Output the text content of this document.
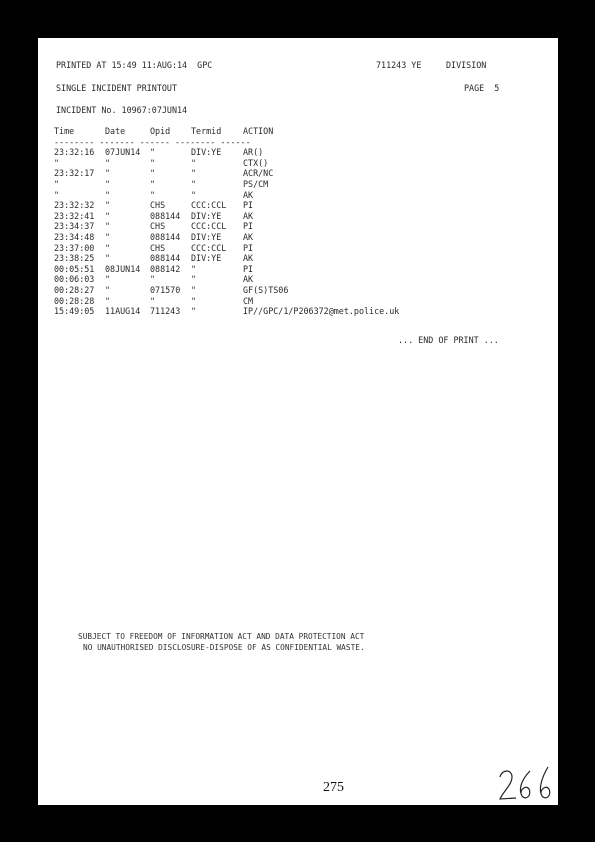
PRINTED AT 15:49 11:AUG:14  GPC	711243 YE	DIVISION
SINGLE INCIDENT PRINTOUT	PAGE  5
INCIDENT No. 10967:07JUN14
Time	Date	Opid Termid	ACTION
-------- ------- ------ -------- ------
23:32:16 07JUN14 "	DIV:YE	AR()
"	"	"	"	CTX()
23:32:17 "	"	"	ACR/NC
"	"	"	"	PS/CM
"	"	"	"	AK
23:32:32 "	CHS	CCC:CCL PI
23:32:41 "	088144 DIV:YE	AK
23:34:37 "	CHS	CCC:CCL PI
23:34:48 "	088144 DIV:YE	AK
23:37:00 "	CHS	CCC:CCL PI
23:38:25 "	088144 DIV:YE	AK
00:05:51 08JUN14 088142 "	PI
00:06:03 "	"	"	AK
00:28:27 "	071570 "	GF(S)TS06
00:28:28 "	"	"	CM
15:49:05 11AUG14 711243 "	IP//GPC/1/P206372@met.police.uk
... END OF PRINT ...
SUBJECT TO FREEDOM OF INFORMATION ACT AND DATA PROTECTION ACT
NO UNAUTHORISED DISCLOSURE-DISPOSE OF AS CONFIDENTIAL WASTE.
275
